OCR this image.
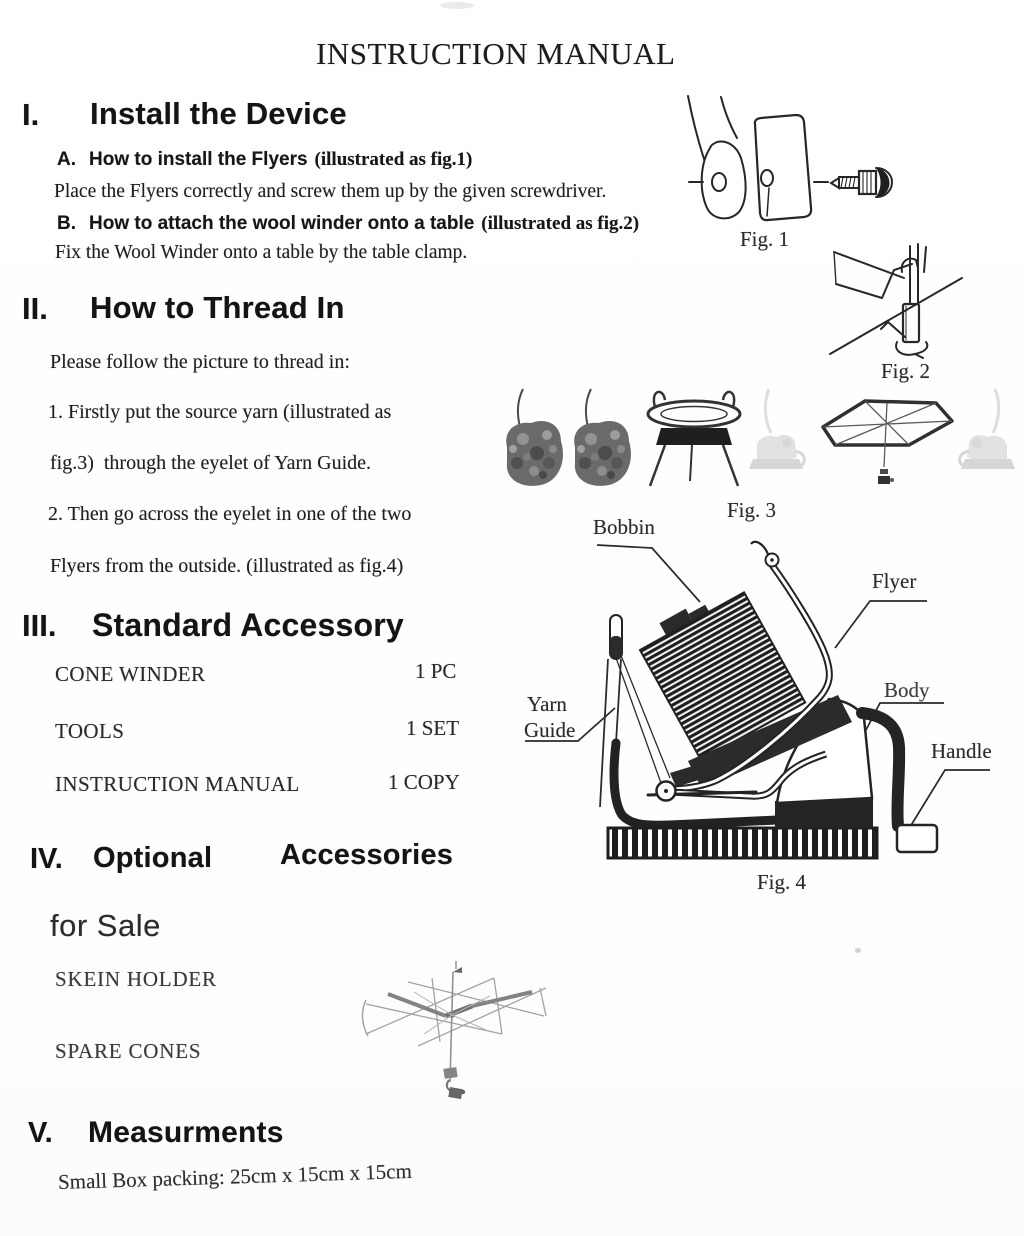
INSTRUCTION MANUAL
I. Install the Device
A. How to install the Flyers (illustrated as fig.1)
Place the Flyers correctly and screw them up by the given screwdriver.
B. How to attach the wool winder onto a table (illustrated as fig.2)
Fix the Wool Winder onto a table by the table clamp.
Fig. 1
Fig. 2
II. How to Thread In
Please follow the picture to thread in:
1. Firstly put the source yarn (illustrated as
fig.3)  through the eyelet of Yarn Guide.
2. Then go across the eyelet in one of the two
Flyers from the outside. (illustrated as fig.4)
Fig. 3
Bobbin
Flyer
Body
Yarn
Guide
Handle
Fig. 4
III. Standard Accessory
CONE WINDER	1 PC
TOOLS	1 SET
INSTRUCTION MANUAL	1 COPY
IV. Optional Accessories
for Sale
SKEIN HOLDER
SPARE CONES
V. Measurments
Small Box packing: 25cm x 15cm x 15cm
